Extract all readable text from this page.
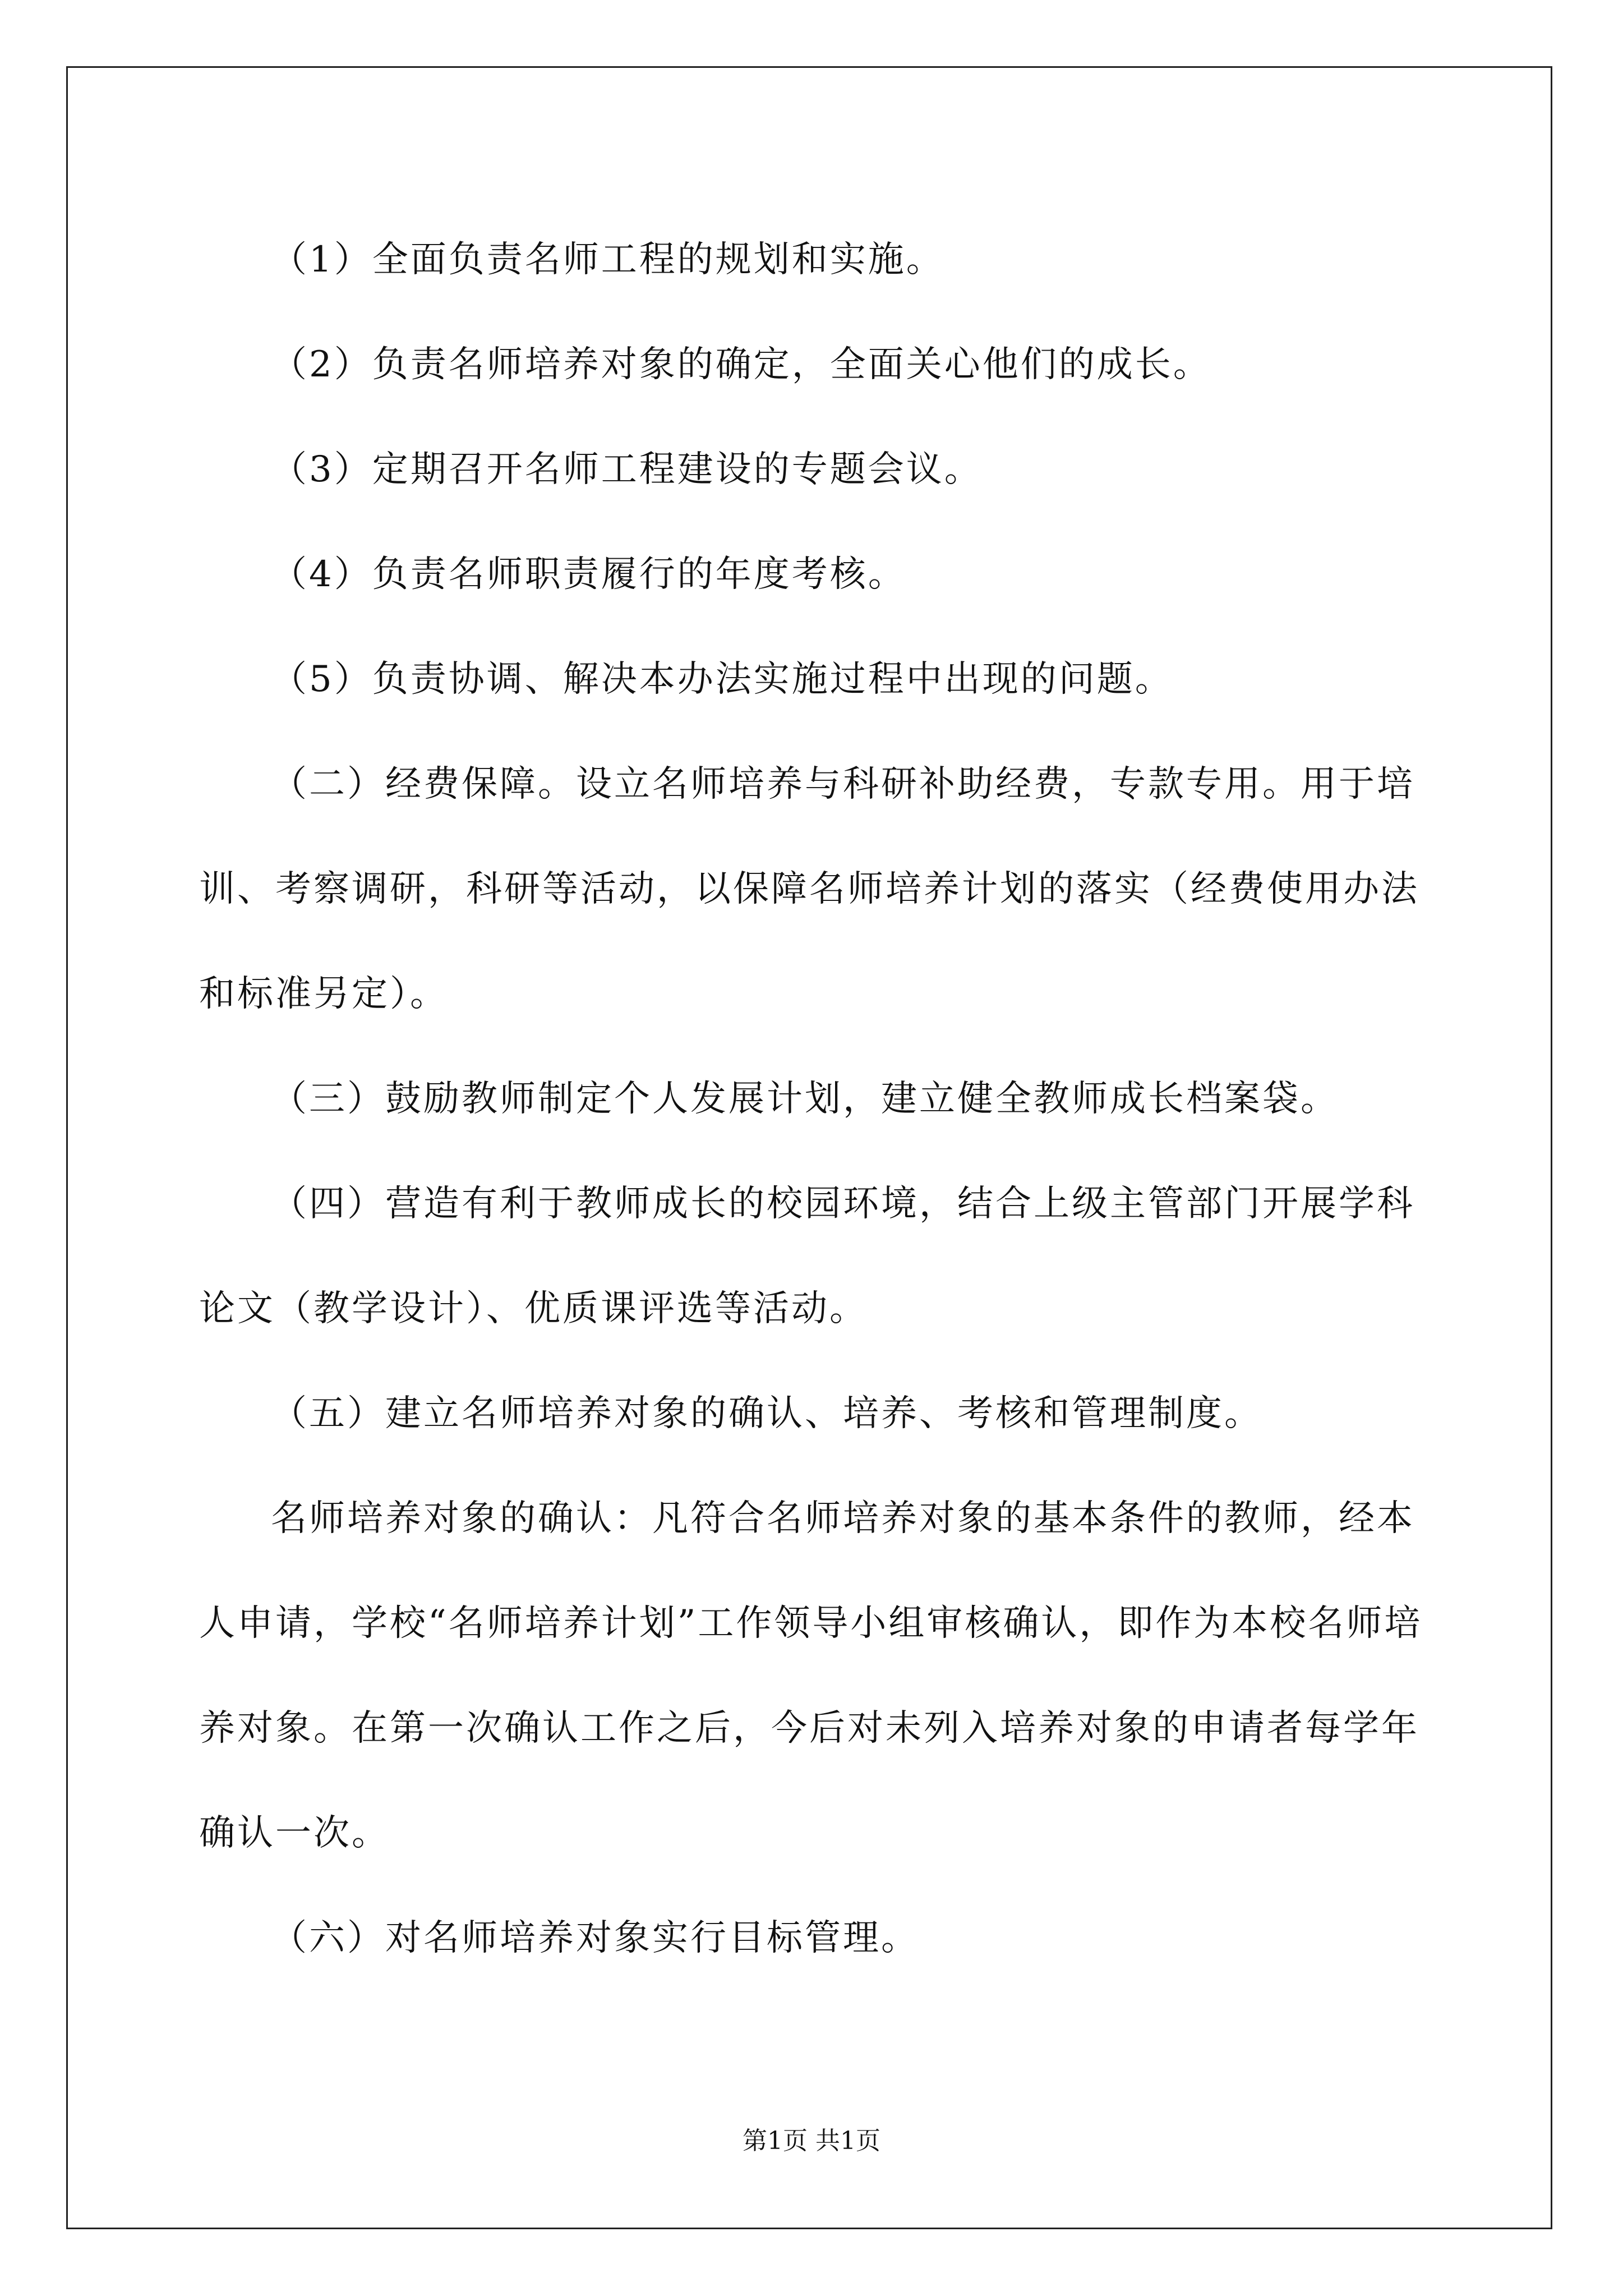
（1）全面负责名师工程的规划和实施。

（2）负责名师培养对象的确定，全面关心他们的成长。

（3）定期召开名师工程建设的专题会议。

（4）负责名师职责履行的年度考核。

（5）负责协调、解决本办法实施过程中出现的问题。

（二）经费保障。设立名师培养与科研补助经费，专款专用。用于培训、考察调研，科研等活动，以保障名师培养计划的落实（经费使用办法和标准另定）。

（三）鼓励教师制定个人发展计划，建立健全教师成长档案袋。

（四）营造有利于教师成长的校园环境，结合上级主管部门开展学科论文（教学设计）、优质课评选等活动。

（五）建立名师培养对象的确认、培养、考核和管理制度。

名师培养对象的确认：凡符合名师培养对象的基本条件的教师，经本人申请，学校“名师培养计划”工作领导小组审核确认，即作为本校名师培养对象。在第一次确认工作之后，今后对未列入培养对象的申请者每学年确认一次。

（六）对名师培养对象实行目标管理。

第1页 共1页
